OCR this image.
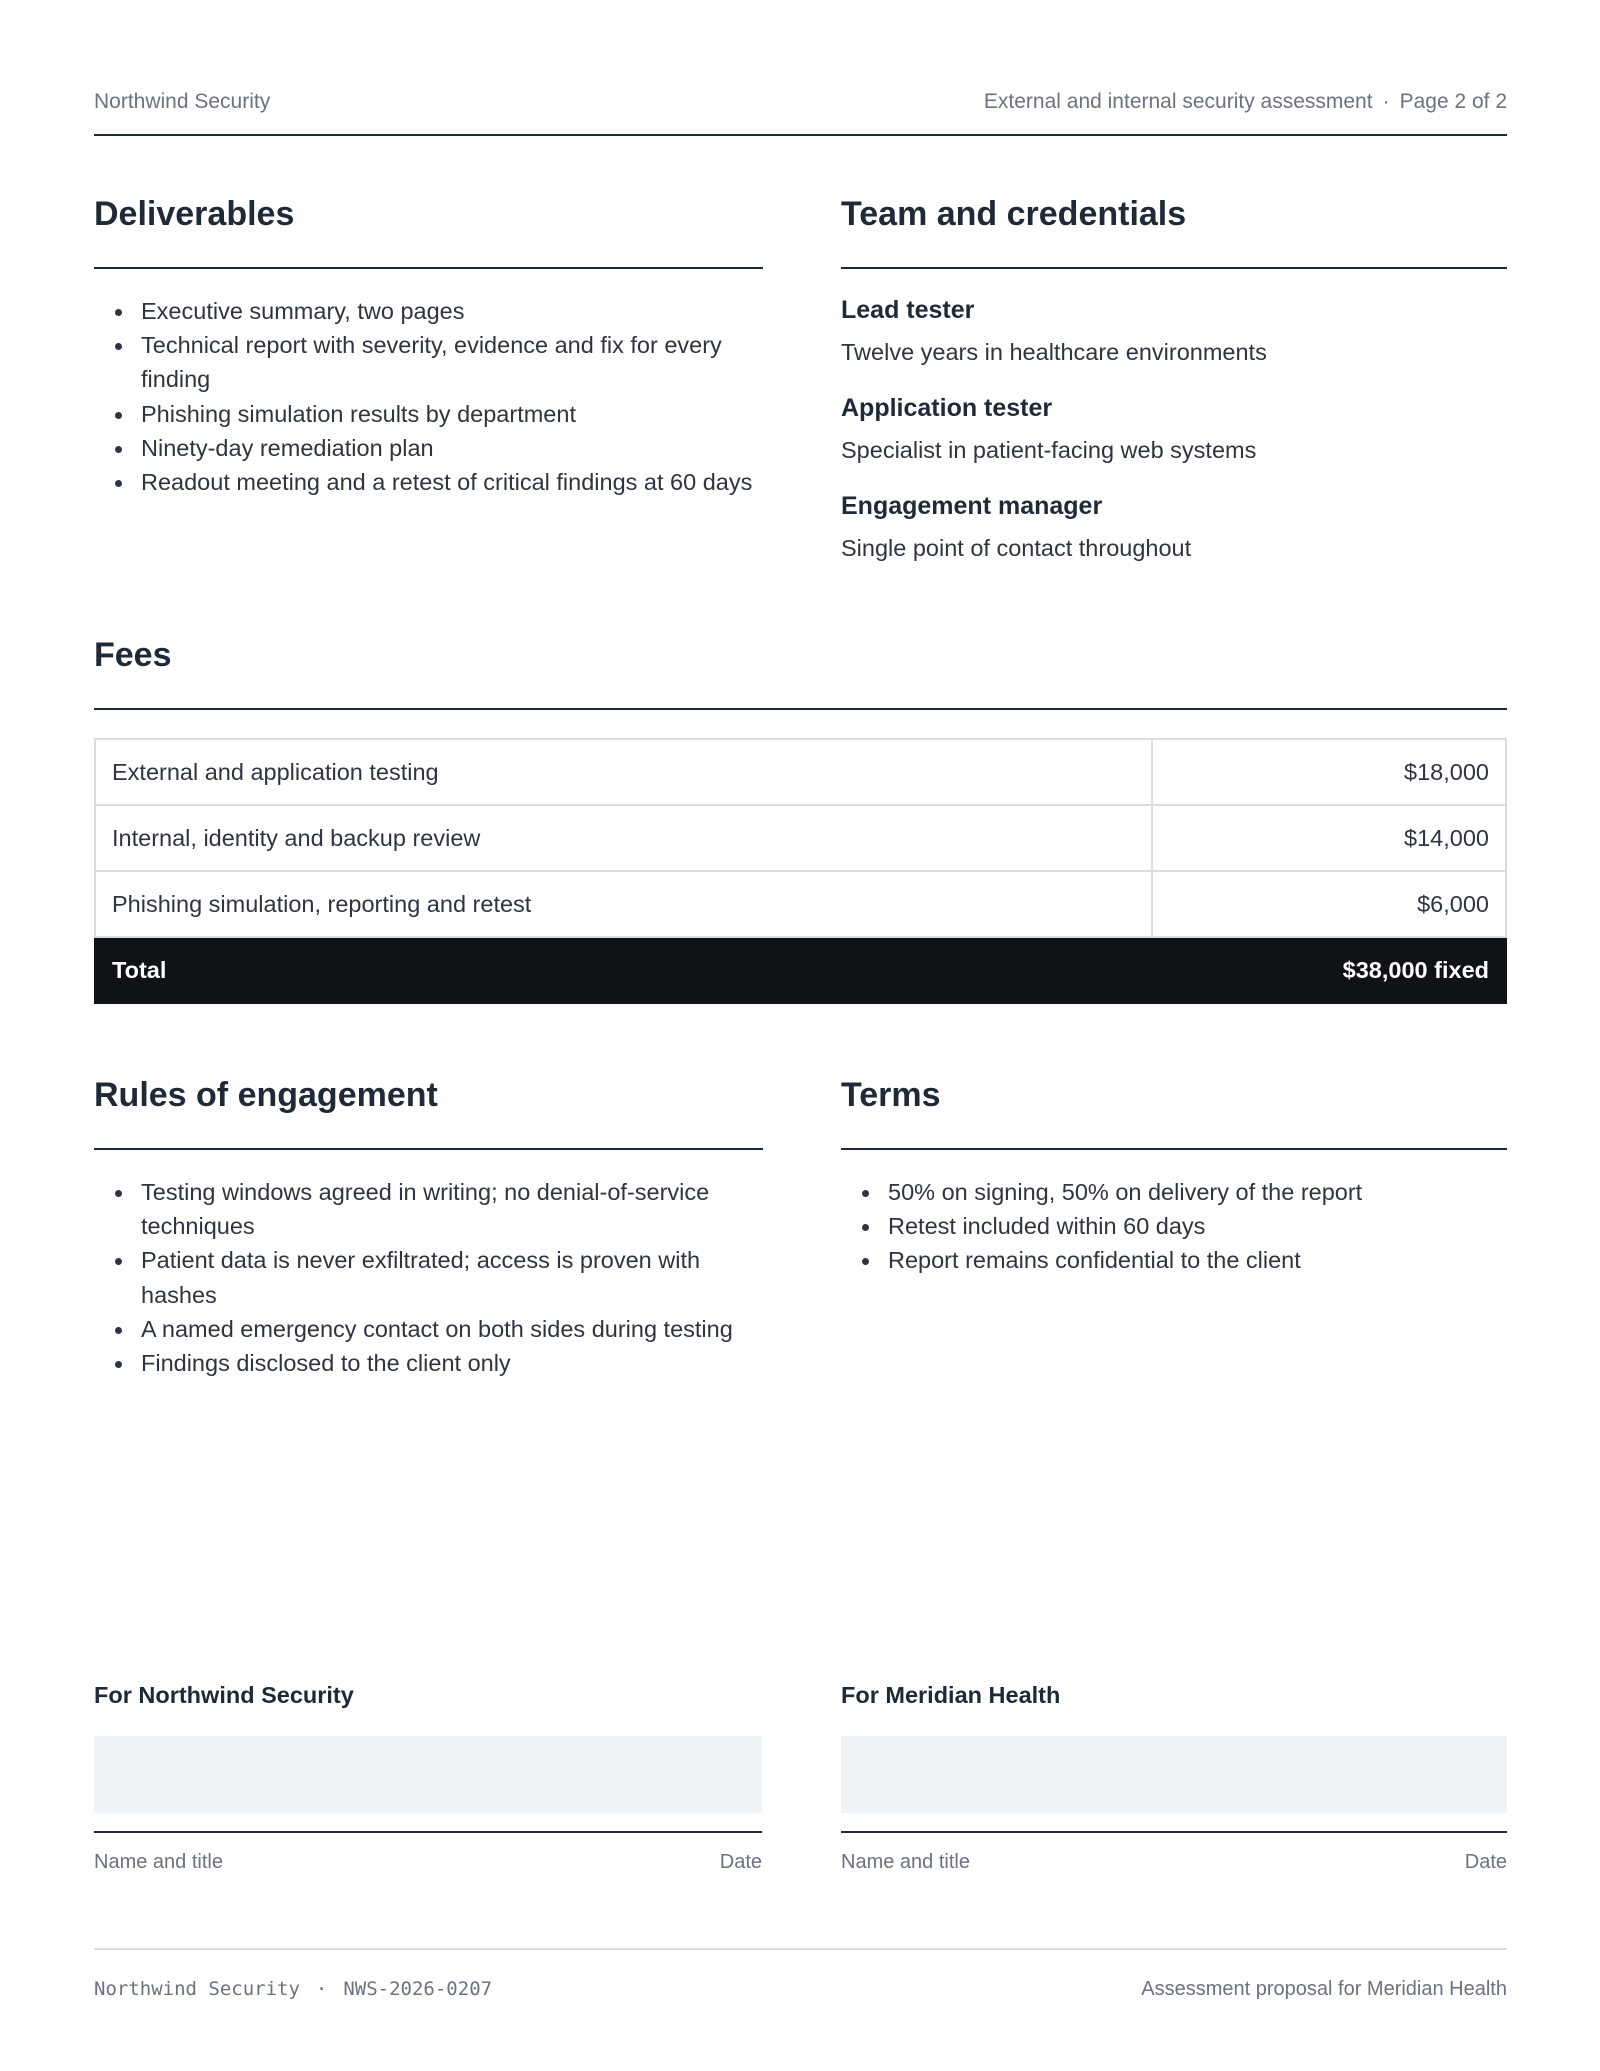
Northwind Security	External and internal security assessment · Page 2 of 2
Deliverables
Executive summary, two pages
Technical report with severity, evidence and fix for every finding
Phishing simulation results by department
Ninety-day remediation plan
Readout meeting and a retest of critical findings at 60 days
Team and credentials
Lead tester
Twelve years in healthcare environments
Application tester
Specialist in patient-facing web systems
Engagement manager
Single point of contact throughout
Fees
External and application testing	$18,000
Internal, identity and backup review	$14,000
Phishing simulation, reporting and retest	$6,000
Total	$38,000 fixed
Rules of engagement
Testing windows agreed in writing; no denial-of-service techniques
Patient data is never exfiltrated; access is proven with hashes
A named emergency contact on both sides during testing
Findings disclosed to the client only
Terms
50% on signing, 50% on delivery of the report
Retest included within 60 days
Report remains confidential to the client
For Northwind Security
Name and title	Date
For Meridian Health
Name and title	Date
Northwind Security · NWS-2026-0207	Assessment proposal for Meridian Health
